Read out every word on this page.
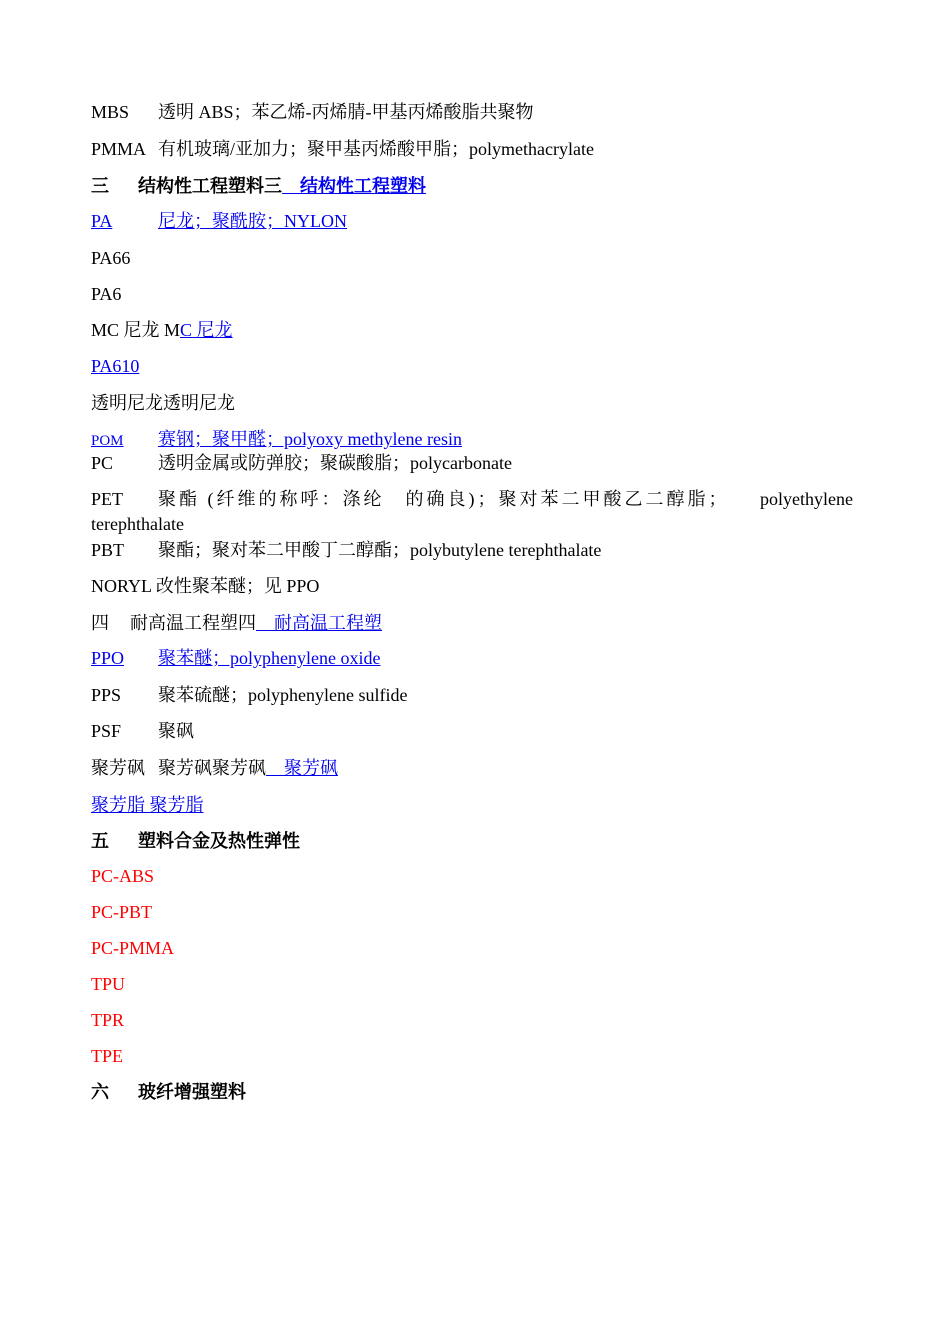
MBS 透明 ABS；苯乙烯-丙烯腈-甲基丙烯酸脂共聚物
PMMA 有机玻璃/亚加力；聚甲基丙烯酸甲脂；polymethacrylate
三 结构性工程塑料三　结构性工程塑料
PA	尼龙；聚酰胺；NYLON
PA66
PA6
MC 尼龙 MC 尼龙
PA610
透明尼龙透明尼龙
POM 赛钢；聚甲醛；polyoxy methylene resin
PC 透明金属或防弹胶；聚碳酸脂；polycarbonate
PET 聚酯 (纤维的称呼：涤纶　的确良)；聚对苯二甲酸乙二醇脂； polyethylene
terephthalate
PBT 聚酯；聚对苯二甲酸丁二醇酯；polybutylene terephthalate
NORYL 改性聚苯醚；见 PPO
四 耐高温工程塑四　耐高温工程塑
PPO 聚苯醚；polyphenylene oxide
PPS 聚苯硫醚；polyphenylene sulfide
PSF 聚砜
聚芳砜 聚芳砜聚芳砜　聚芳砜
聚芳脂 聚芳脂
五 塑料合金及热性弹性
PC-ABS
PC-PBT
PC-PMMA
TPU
TPR
TPE
六 玻纤增强塑料
